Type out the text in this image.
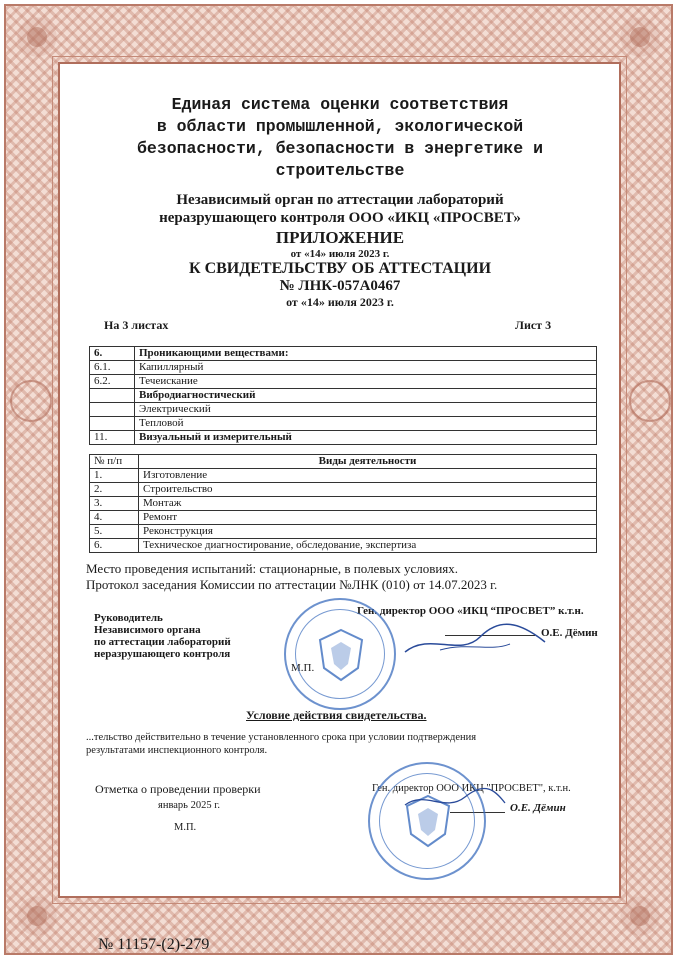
Единая система оценки соответствия
в области промышленной, экологической
безопасности, безопасности в энергетике и
строительстве
Независимый орган по аттестации лабораторий
неразрушающего контроля ООО «ИКЦ «ПРОСВЕТ»
ПРИЛОЖЕНИЕ
от «14» июля 2023 г.
К СВИДЕТЕЛЬСТВУ ОБ АТТЕСТАЦИИ
№ ЛНК-057А0467
от «14» июля 2023 г.
На 3 листах	Лист 3
6.	Проникающими веществами:
6.1.	Капиллярный
6.2.	Течеискание
	Вибродиагностический
	Электрический
	Тепловой
11.	Визуальный и измерительный
№ п/п	Виды деятельности
1.	Изготовление
2.	Строительство
3.	Монтаж
4.	Ремонт
5.	Реконструкция
6.	Техническое диагностирование, обследование, экспертиза
Место проведения испытаний: стационарные, в полевых условиях.
Протокол заседания Комиссии по аттестации №ЛНК (010) от 14.07.2023 г.
Руководитель
Независимого органа
по аттестации лабораторий
неразрушающего контроля
Ген. директор ООО «ИКЦ “ПРОСВЕТ” к.т.н.
О.Е. Дёмин
М.П.
Условие действия свидетельства.
...тельство действительно в течение установленного срока при условии подтверждения
результатами инспекционного контроля.
Отметка о проведении проверки
январь 2025 г.
М.П.
Ген. директор ООО ИКЦ "ПРОСВЕТ", к.т.н.
О.Е. Дёмин
№ 11157-(2)-279
